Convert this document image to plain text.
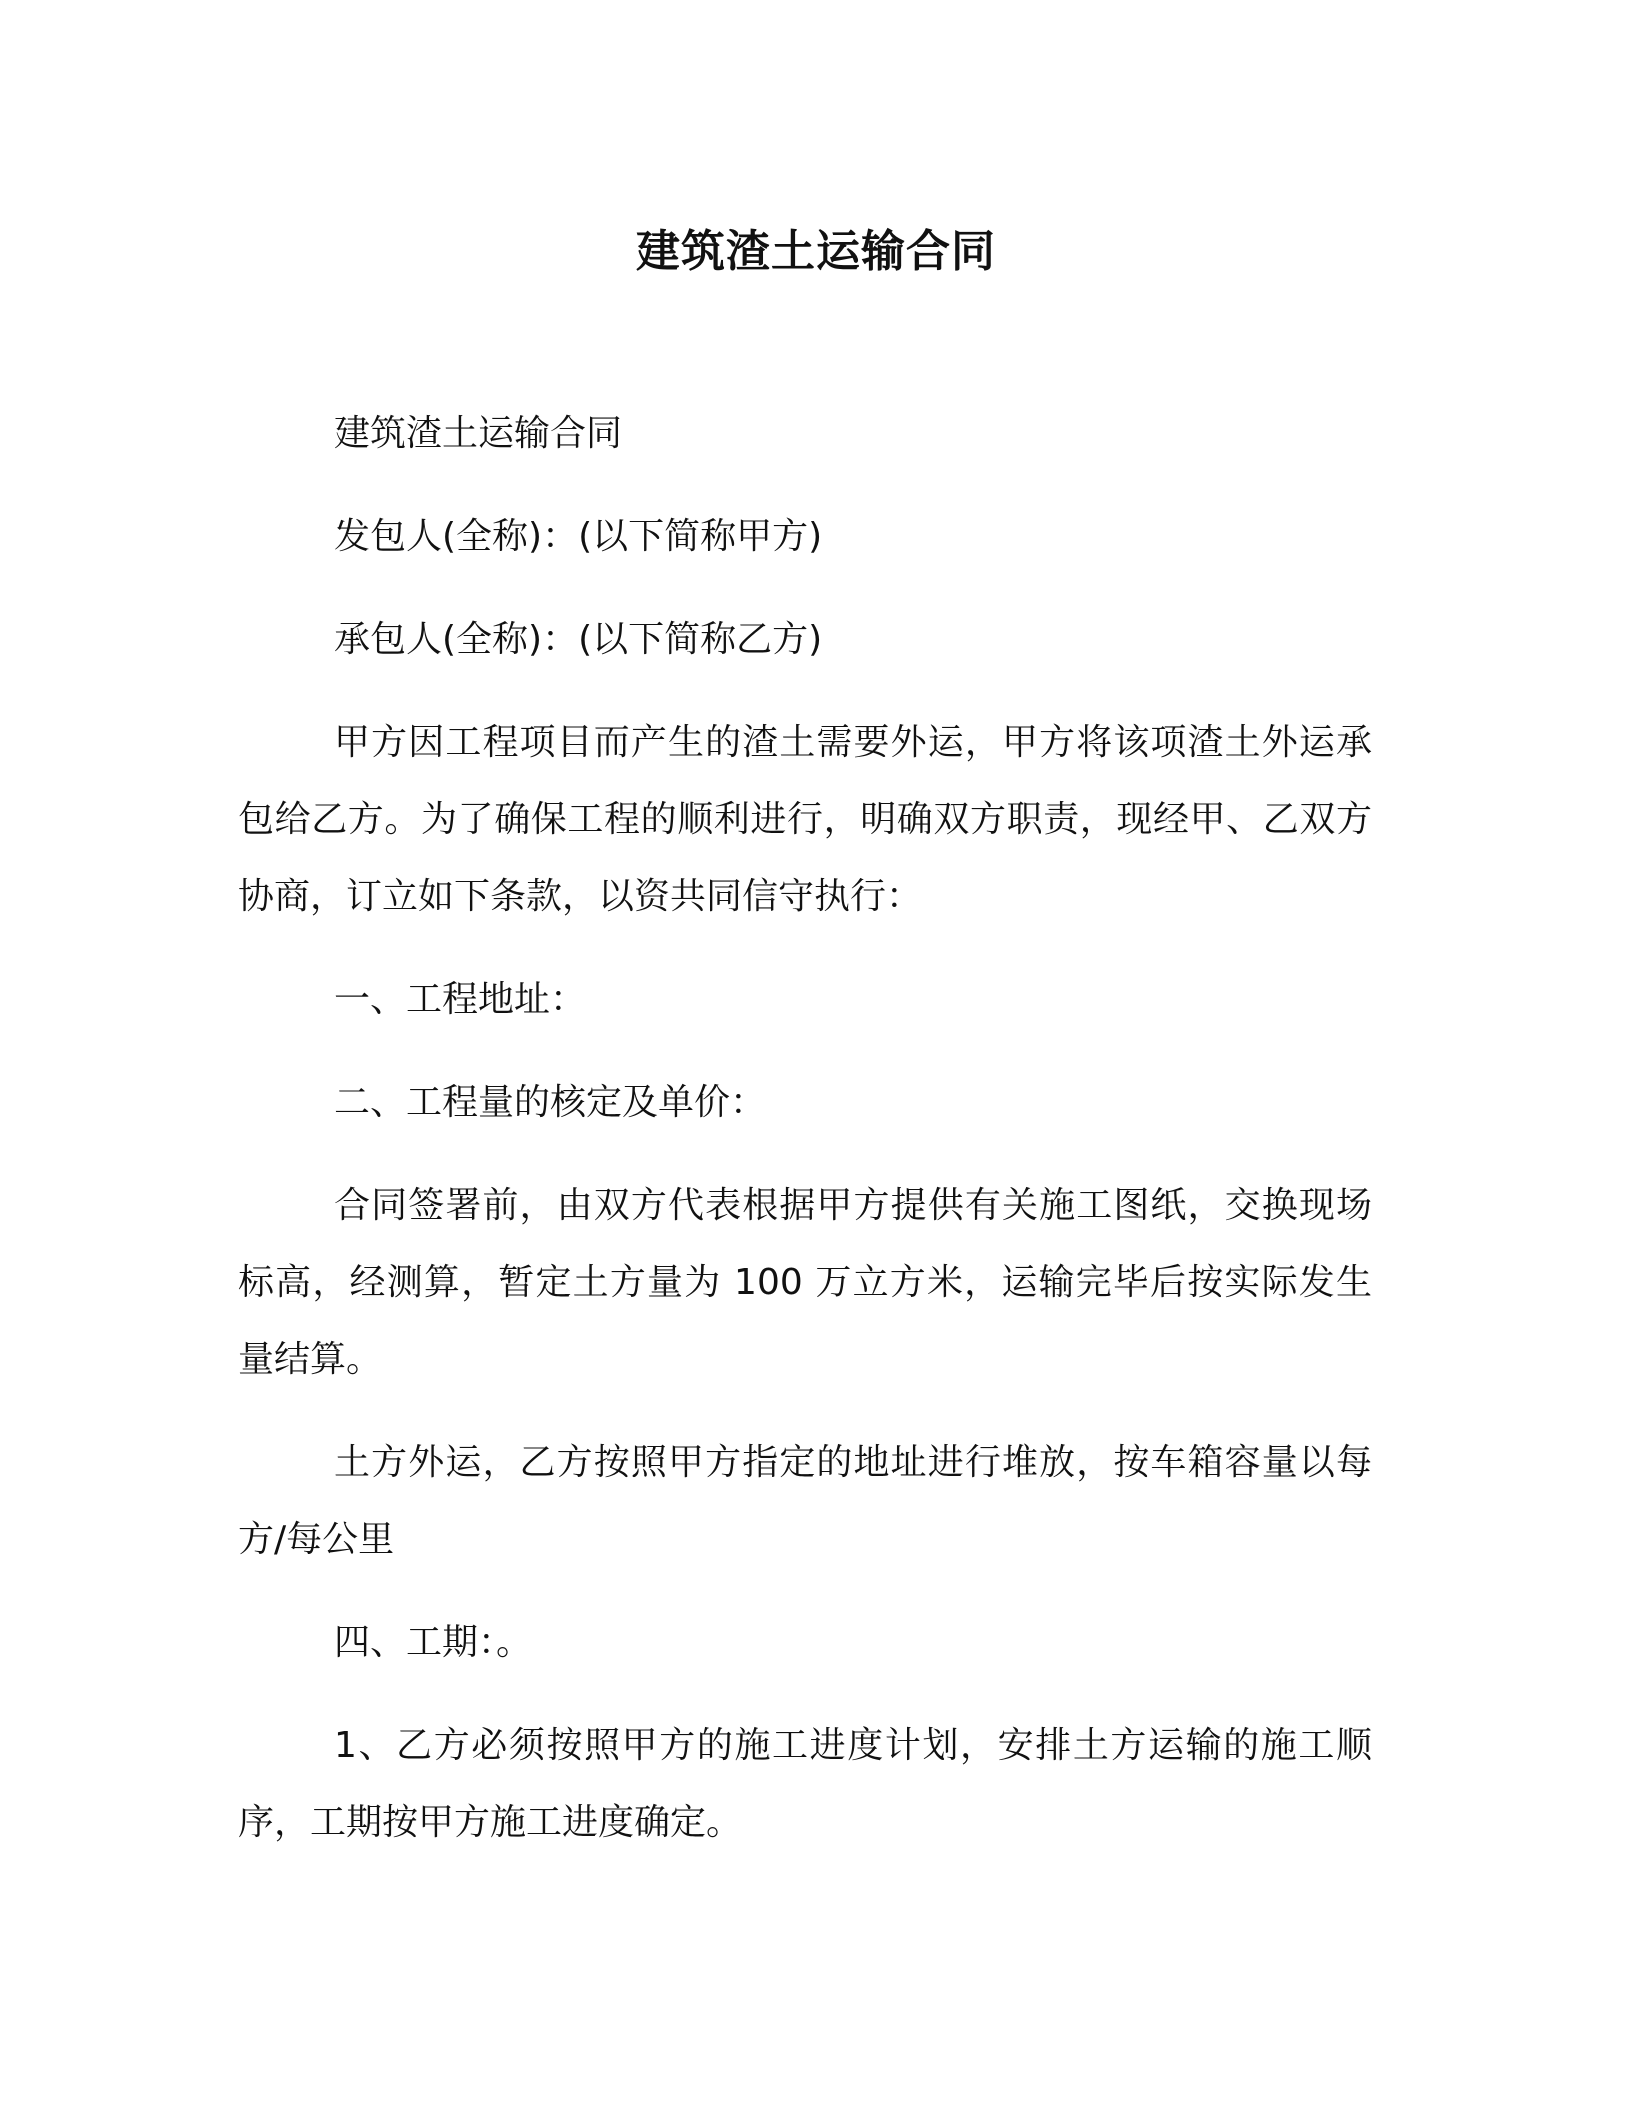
建筑渣土运输合同

建筑渣土运输合同

发包人(全称)：(以下简称甲方)

承包人(全称)：(以下简称乙方)

甲方因工程项目而产生的渣土需要外运，甲方将该项渣土外运承包给乙方。为了确保工程的顺利进行，明确双方职责，现经甲、乙双方协商，订立如下条款，以资共同信守执行：

一、工程地址：

二、工程量的核定及单价：

合同签署前，由双方代表根据甲方提供有关施工图纸，交换现场标高，经测算，暂定土方量为 100 万立方米，运输完毕后按实际发生量结算。

土方外运，乙方按照甲方指定的地址进行堆放，按车箱容量以每方/每公里

四、工期：。

1、乙方必须按照甲方的施工进度计划，安排土方运输的施工顺序，工期按甲方施工进度确定。
